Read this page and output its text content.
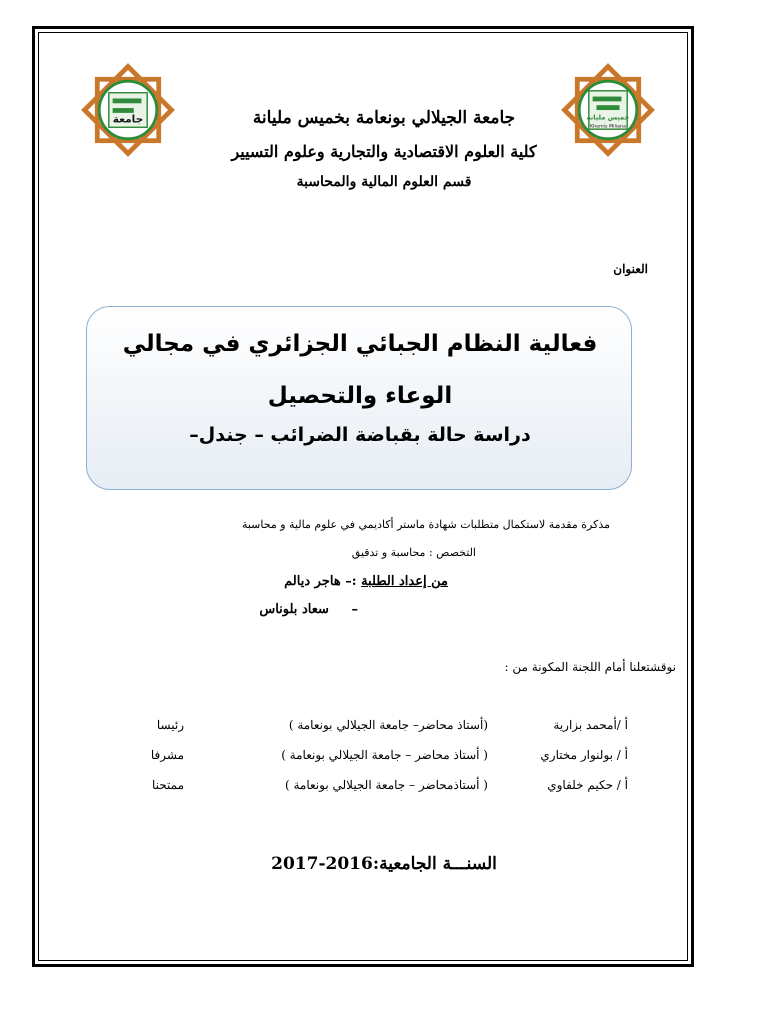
جامعة	خميس مليانة
Khemis Miliana
جامعة الجيلالي بونعامة بخميس مليانة
كلية العلوم الاقتصادية والتجارية وعلوم التسيير
قسم العلوم المالية والمحاسبة
العنوان
فعالية النظام الجبائي الجزائري في مجالي الوعاء والتحصيل
دراسة حالة بقباضة الضرائب – جندل–
مذكرة مقدمة لاستكمال متطلبات شهادة ماستر أكاديمي في علوم مالية و محاسبة
التخصص : محاسبة و تدقيق
من إعداد الطلبة :– هاجر ديالم
–     سعاد بلوناس
نوقشتعلنا أمام اللجنة المكونة من :
أ /أمحمد بزارية
(أستاذ محاضر– جامعة الجيلالي بونعامة )
رئيسا
أ / بولنوار مختاري
( أستاذ محاضر – جامعة الجيلالي بونعامة )
مشرفا
أ / حكيم خلفاوي
( أستاذمحاضر – جامعة الجيلالي بونعامة )
ممتحنا
السنـــة الجامعية:2016-2017
